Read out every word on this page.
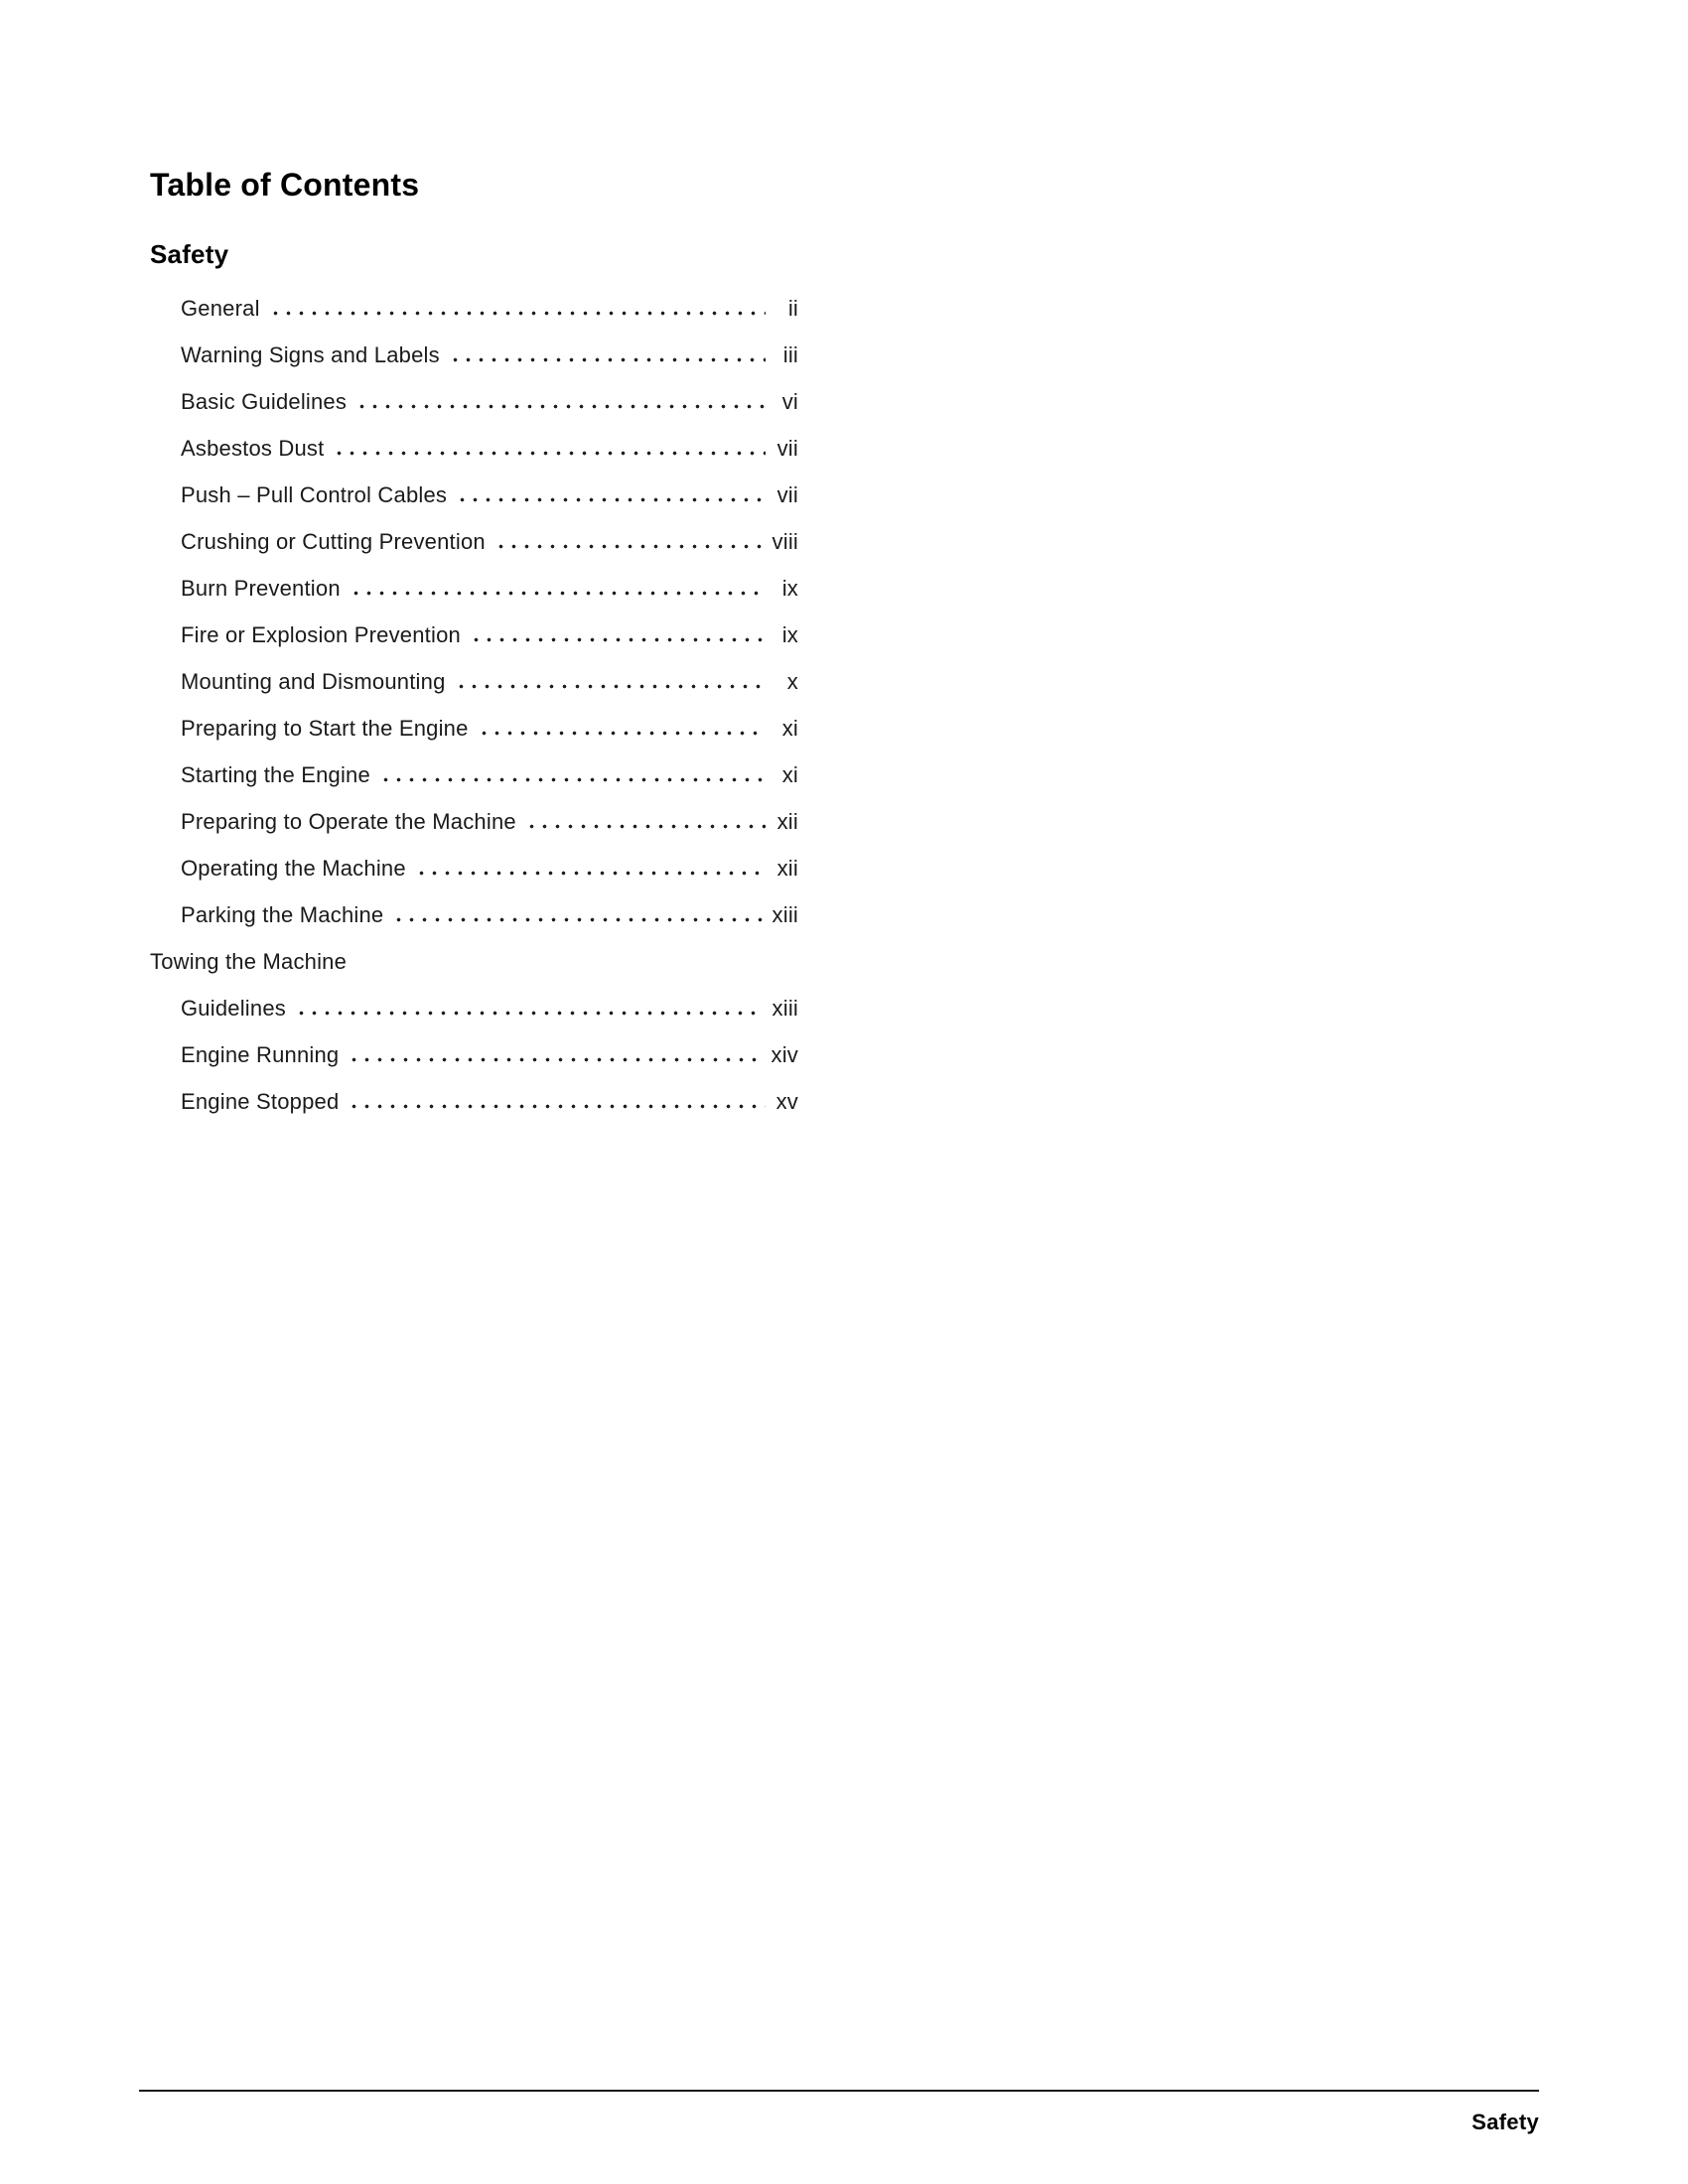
Table of Contents
Safety
General	ii
Warning Signs and Labels	iii
Basic Guidelines	vi
Asbestos Dust	vii
Push – Pull Control Cables	vii
Crushing or Cutting Prevention	viii
Burn Prevention	ix
Fire or Explosion Prevention	ix
Mounting and Dismounting	x
Preparing to Start the Engine	xi
Starting the Engine	xi
Preparing to Operate the Machine	xii
Operating the Machine	xii
Parking the Machine	xiii
Towing the Machine
Guidelines	xiii
Engine Running	xiv
Engine Stopped	xv
Safety
